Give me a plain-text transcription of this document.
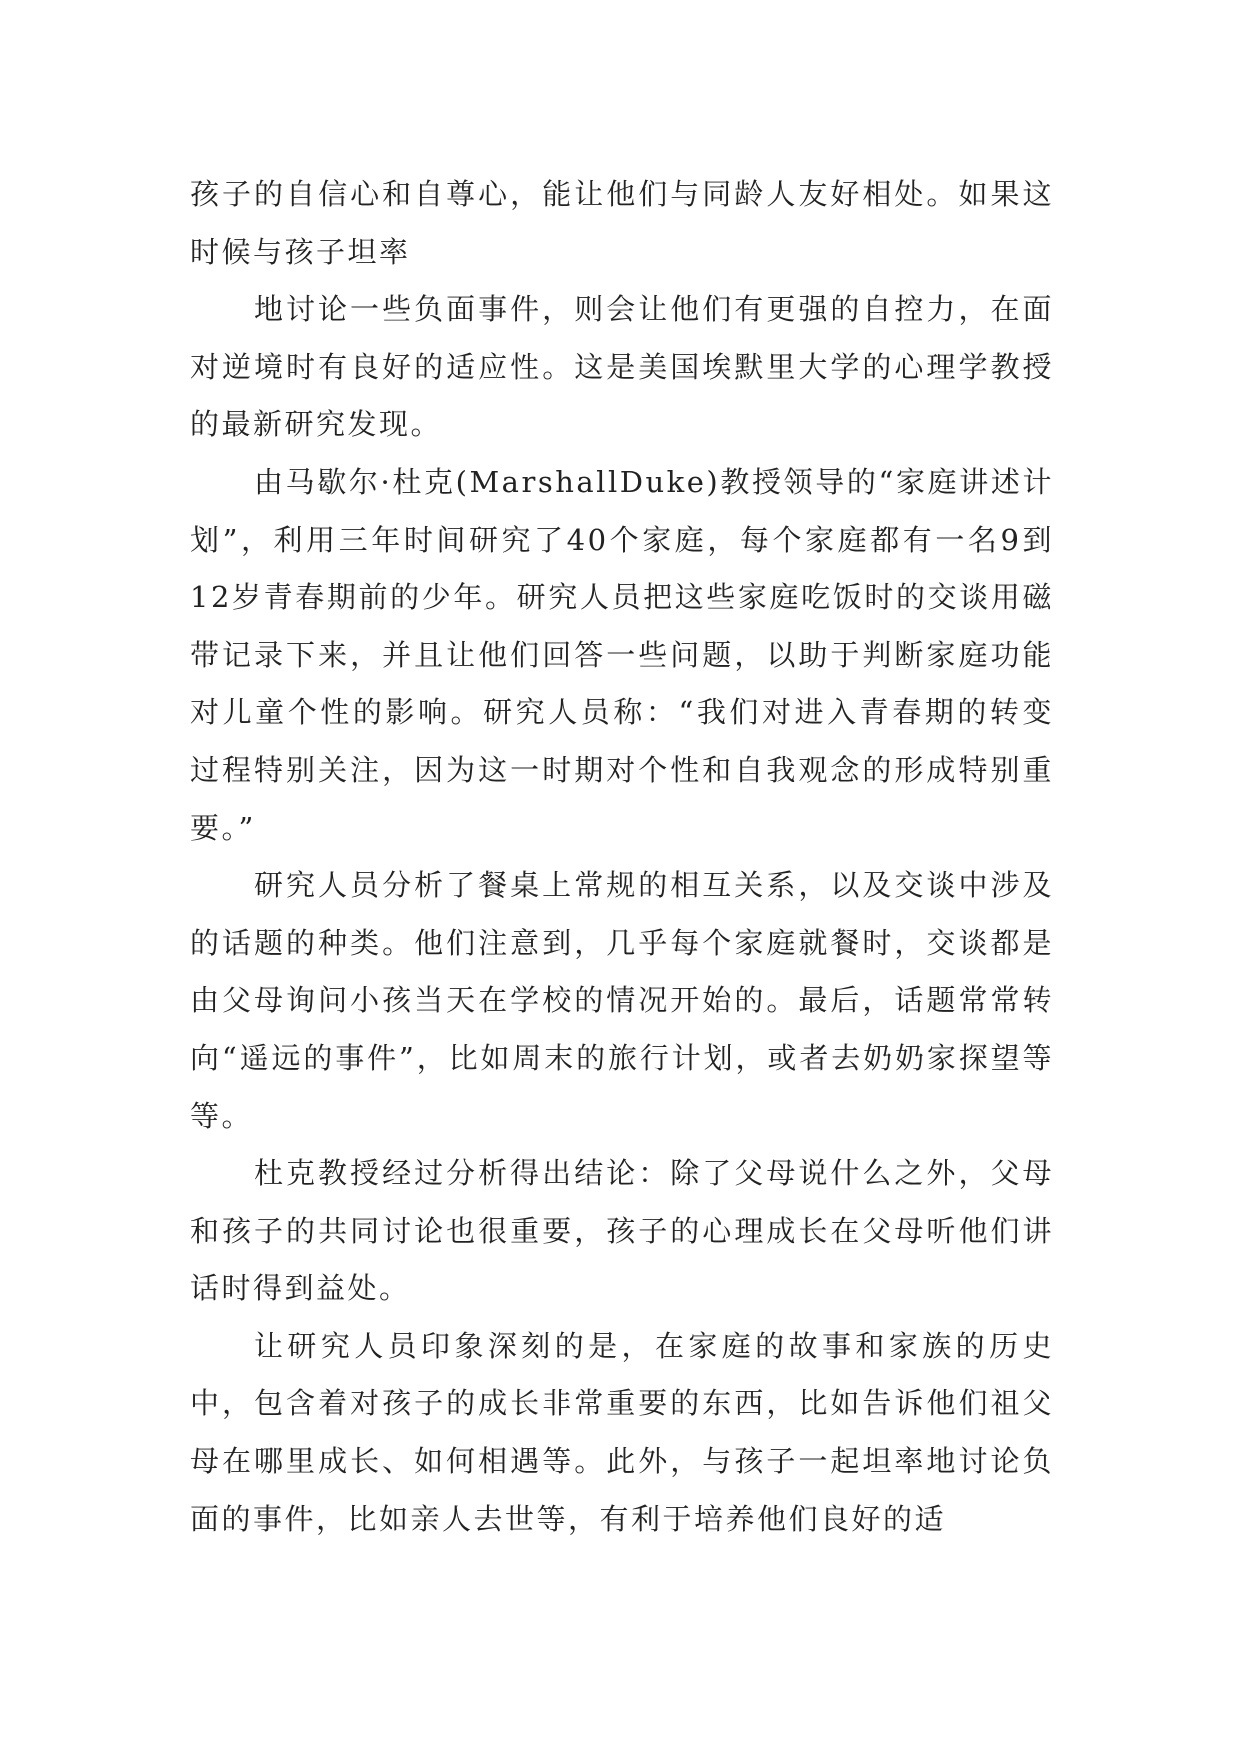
孩子的自信心和自尊心，能让他们与同龄人友好相处。如果这时候与孩子坦率

地讨论一些负面事件，则会让他们有更强的自控力，在面对逆境时有良好的适应性。这是美国埃默里大学的心理学教授的最新研究发现。

由马歇尔·杜克(MarshallDuke)教授领导的“家庭讲述计划”，利用三年时间研究了40个家庭，每个家庭都有一名9到12岁青春期前的少年。研究人员把这些家庭吃饭时的交谈用磁带记录下来，并且让他们回答一些问题，以助于判断家庭功能对儿童个性的影响。研究人员称：“我们对进入青春期的转变过程特别关注，因为这一时期对个性和自我观念的形成特别重要。”

研究人员分析了餐桌上常规的相互关系，以及交谈中涉及的话题的种类。他们注意到，几乎每个家庭就餐时，交谈都是由父母询问小孩当天在学校的情况开始的。最后，话题常常转向“遥远的事件”，比如周末的旅行计划，或者去奶奶家探望等等。

杜克教授经过分析得出结论：除了父母说什么之外，父母和孩子的共同讨论也很重要，孩子的心理成长在父母听他们讲话时得到益处。

让研究人员印象深刻的是，在家庭的故事和家族的历史中，包含着对孩子的成长非常重要的东西，比如告诉他们祖父母在哪里成长、如何相遇等。此外，与孩子一起坦率地讨论负面的事件，比如亲人去世等，有利于培养他们良好的适
